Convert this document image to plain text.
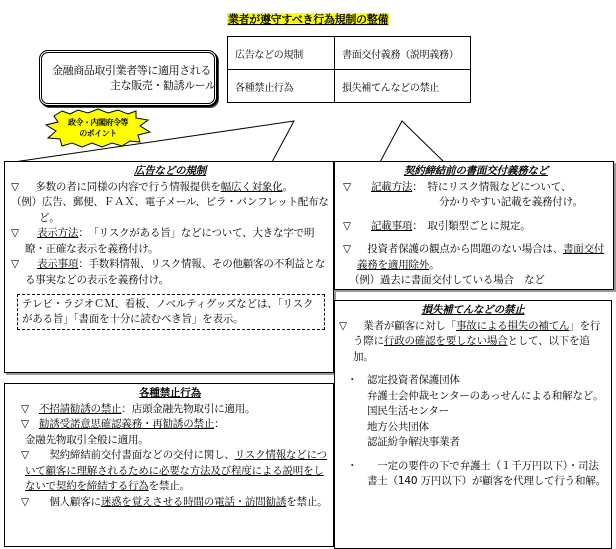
業者が遵守すべき行為規制の整備
金融商品取引業者等に適用される
主な販売・勧誘ルール
広告などの規制	書面交付義務（説明義務）
各種禁止行為	損失補てんなどの禁止
政令・内閣府令等
のポイント
広告などの規制
▽ 　多数の者に同様の内容で行う情報提供を幅広く対象化。
（例）広告、郵便、ＦＡＸ、電子メール、ビラ・パンフレット配布など。
▽ 表示方法：　「リスクがある旨」などについて、大きな字で明瞭・正確な表示を義務付け。
▽ 表示事項：手数料情報、リスク情報、その他顧客の不利益となる事実などの表示を義務付け。
テレビ・ラジオＣＭ、看板、ノベルティグッズなどは、「リスクがある旨」「書面を十分に読むべき旨」を表示。
契約締結前の書面交付義務など
▽ 記載方法：　特にリスク情報などについて、
分かりやすい記載を義務付け。
▽ 記載事項：　取引類型ごとに規定。
▽ 　投資者保護の観点から問題のない場合は、書面交付義務を適用除外。
（例）過去に書面交付している場合　など
損失補てんなどの禁止
▽ 　業者が顧客に対し「事故による損失の補てん」を行う際に行政の確認を要しない場合として、以下を追加。
・ 認定投資者保護団体
弁護士会仲裁センターのあっせんによる和解など。
国民生活センター
地方公共団体
認証紛争解決事業者
・ 　一定の要件の下で弁護士（１千万円以下）・司法書士（140 万円以下）が顧客を代理して行う和解。
各種禁止行為
▽ 不招請勧誘の禁止：店頭金融先物取引に適用。
▽ 勧誘受諾意思確認義務・再勧誘の禁止：
金融先物取引全般に適用。
▽ 　契約締結前交付書面などの交付に関し、リスク情報などについて顧客に理解されるために必要な方法及び程度による説明をしないで契約を締結する行為を禁止。
▽ 　個人顧客に迷惑を覚えさせる時間の電話・訪問勧誘を禁止。
